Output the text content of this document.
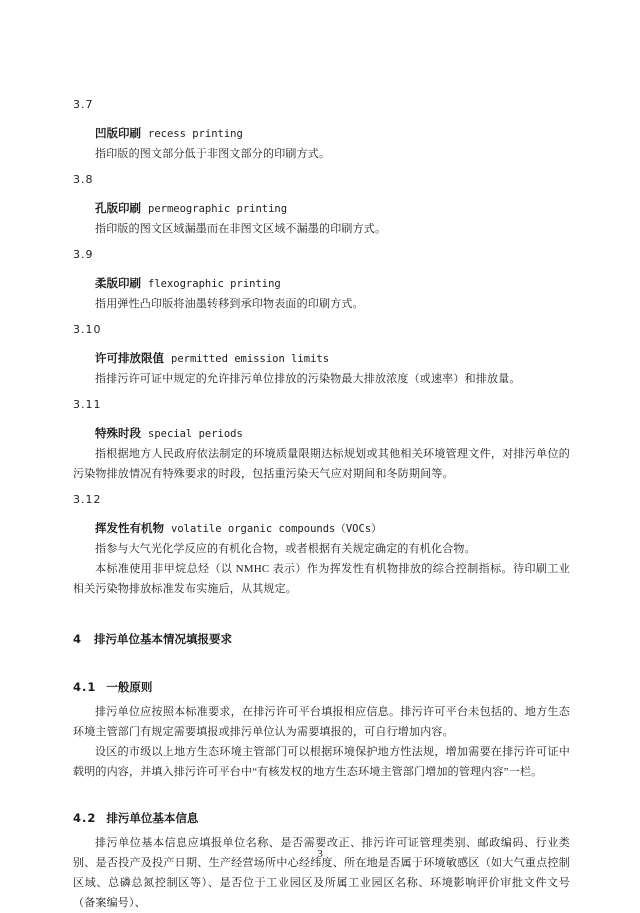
3.7
凹版印刷 recess printing

指印版的图文部分低于非图文部分的印刷方式。

3.8
孔版印刷 permeographic printing

指印版的图文区域漏墨而在非图文区域不漏墨的印刷方式。

3.9
柔版印刷 flexographic printing

指用弹性凸印版将油墨转移到承印物表面的印刷方式。

3.10
许可排放限值 permitted emission limits

指排污许可证中规定的允许排污单位排放的污染物最大排放浓度（或速率）和排放量。

3.11
特殊时段 special periods

指根据地方人民政府依法制定的环境质量限期达标规划或其他相关环境管理文件，对排污单位的污染物排放情况有特殊要求的时段，包括重污染天气应对期间和冬防期间等。

3.12
挥发性有机物 volatile organic compounds（VOCs）

指参与大气光化学反应的有机化合物，或者根据有关规定确定的有机化合物。

本标准使用非甲烷总烃（以 NMHC 表示）作为挥发性有机物排放的综合控制指标。待印刷工业相关污染物排放标准发布实施后，从其规定。

4 排污单位基本情况填报要求
4.1 一般原则

排污单位应按照本标准要求，在排污许可平台填报相应信息。排污许可平台未包括的、地方生态环境主管部门有规定需要填报或排污单位认为需要填报的，可自行增加内容。

设区的市级以上地方生态环境主管部门可以根据环境保护地方性法规，增加需要在排污许可证中载明的内容，并填入排污许可平台中“有核发权的地方生态环境主管部门增加的管理内容”一栏。

4.2 排污单位基本信息

排污单位基本信息应填报单位名称、是否需要改正、排污许可证管理类别、邮政编码、行业类别、是否投产及投产日期、生产经营场所中心经纬度、所在地是否属于环境敏感区（如大气重点控制区域、总磷总氮控制区等）、是否位于工业园区及所属工业园区名称、环境影响评价审批文件文号（备案编号）、

3
